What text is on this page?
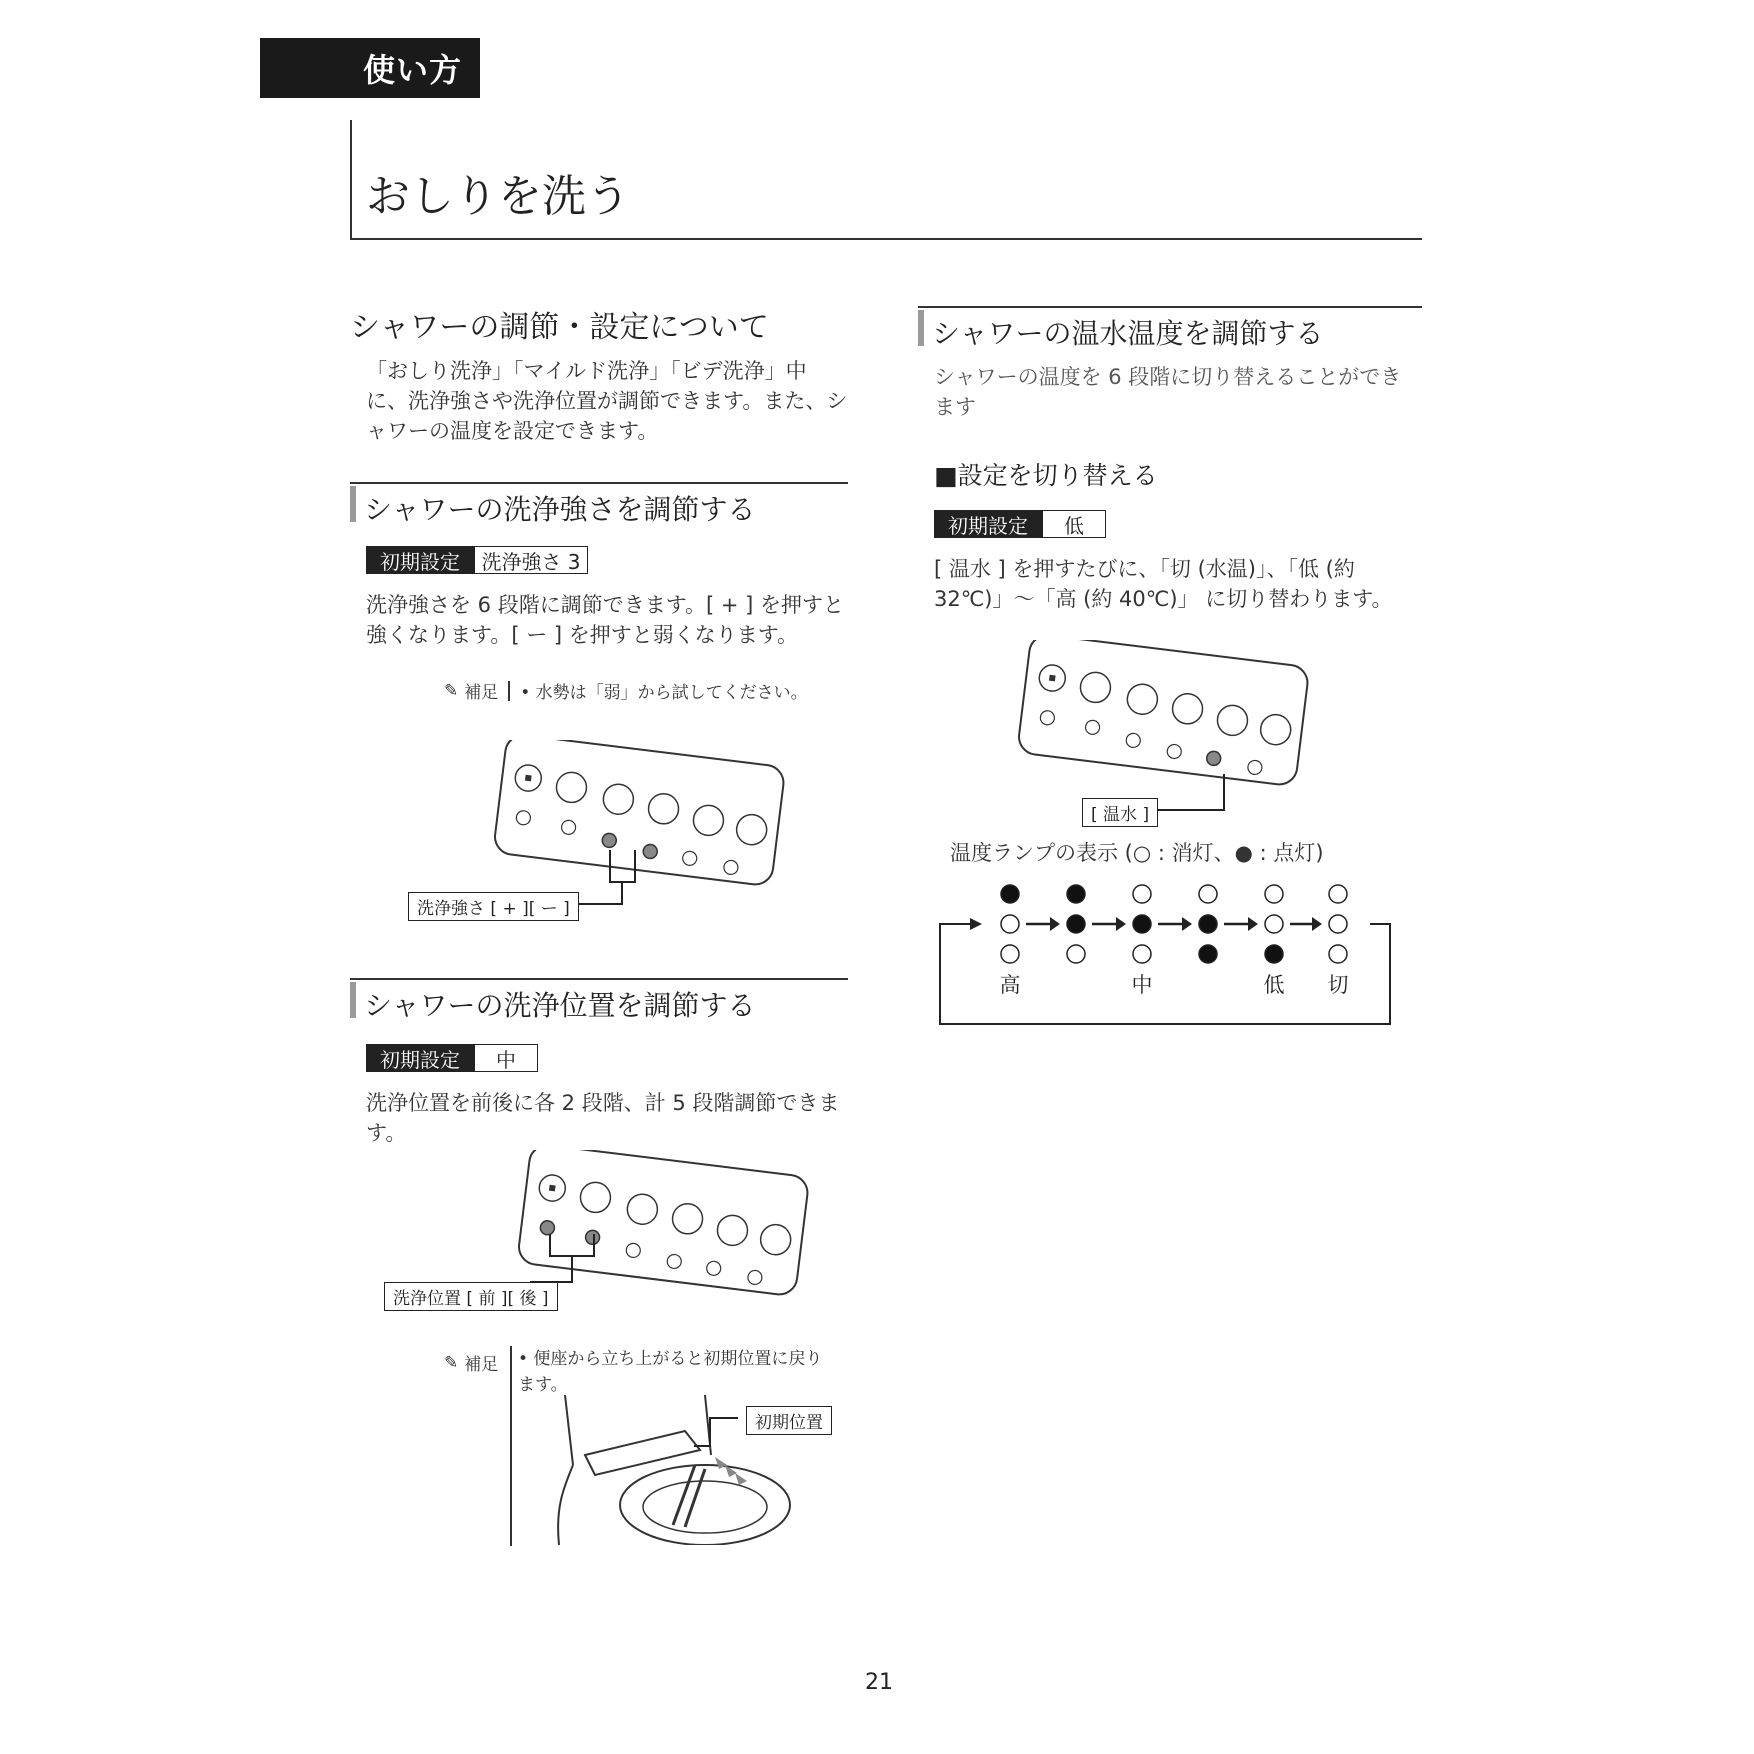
使い方
おしりを洗う
シャワーの調節・設定について
「おしり洗浄」「マイルド洗浄」「ビデ洗浄」中に、洗浄強さや洗浄位置が調節できます。また、シャワーの温度を設定できます。
シャワーの洗浄強さを調節する
初期設定	洗浄強さ 3
洗浄強さを 6 段階に調節できます。[ + ] を押すと強くなります。[ ー ] を押すと弱くなります。
✎ 補足 • 水勢は「弱」から試してください。
洗浄強さ [ + ][ ー ]
シャワーの洗浄位置を調節する
初期設定	中
洗浄位置を前後に各 2 段階、計 5 段階調節できます。
洗浄位置 [ 前 ][ 後 ]
✎ 補足 • 便座から立ち上がると初期位置に戻ります。
初期位置
シャワーの温水温度を調節する
シャワーの温度を 6 段階に切り替えることができます
■設定を切り替える
初期設定	低
[ 温水 ] を押すたびに、「切 (水温)」、「低 (約 32℃)」〜「高 (約 40℃)」 に切り替わります。
[ 温水 ]
温度ランプの表示 (○ : 消灯、● : 点灯)
高	中	低 切
21
